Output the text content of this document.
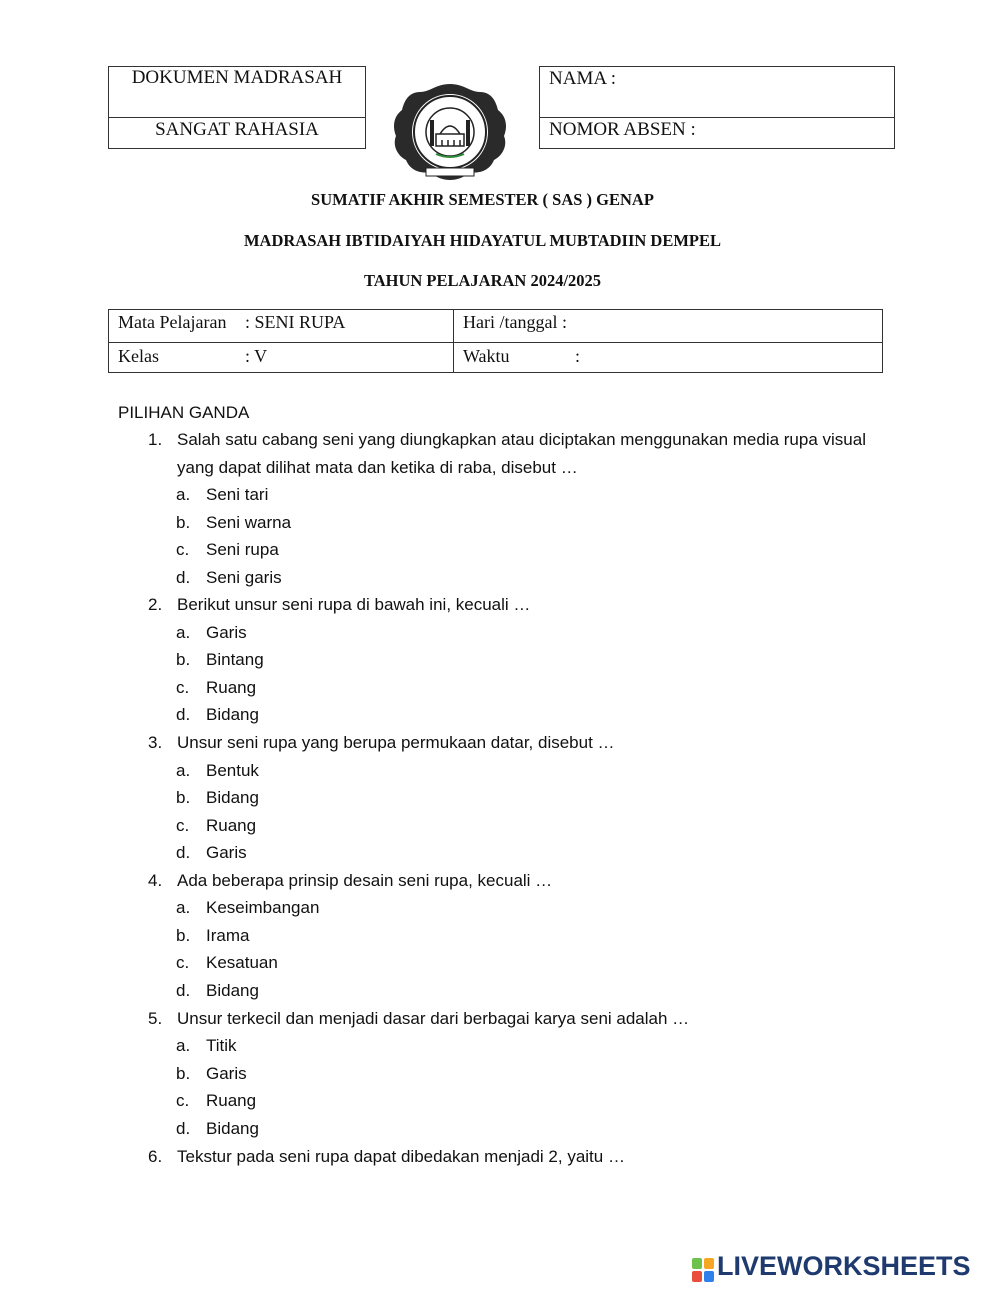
DOKUMEN MADRASAH
SANGAT RAHASIA
NAMA :
NOMOR ABSEN :
SUMATIF AKHIR SEMESTER ( SAS ) GENAP
MADRASAH IBTIDAIYAH HIDAYATUL MUBTADIIN DEMPEL
TAHUN PELAJARAN 2024/2025
Mata Pelajaran : SENI RUPA	Hari /tanggal :
Kelas	: V	Waktu	:
PILIHAN GANDA
1. Salah satu cabang seni yang diungkapkan atau diciptakan menggunakan media rupa visual yang dapat dilihat mata dan ketika di raba, disebut …
a. Seni tari
b. Seni warna
c. Seni rupa
d. Seni garis
2. Berikut unsur seni rupa di bawah ini, kecuali …
a. Garis
b. Bintang
c. Ruang
d. Bidang
3. Unsur seni rupa yang berupa permukaan datar, disebut …
a. Bentuk
b. Bidang
c. Ruang
d. Garis
4. Ada beberapa prinsip desain seni rupa, kecuali …
a. Keseimbangan
b. Irama
c. Kesatuan
d. Bidang
5. Unsur terkecil dan menjadi dasar dari berbagai karya seni adalah …
a. Titik
b. Garis
c. Ruang
d. Bidang
6. Tekstur pada seni rupa dapat dibedakan menjadi 2, yaitu …
LIVEWORKSHEETS
